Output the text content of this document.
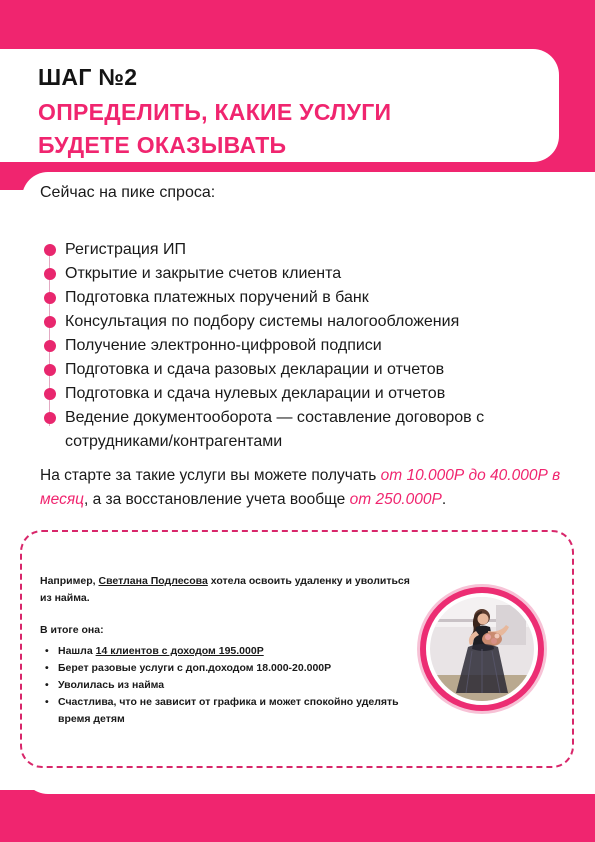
ШАГ №2
ОПРЕДЕЛИТЬ, КАКИЕ УСЛУГИ
БУДЕТЕ ОКАЗЫВАТЬ
Сейчас на пике спроса:
Регистрация ИП
Открытие и закрытие счетов клиента
Подготовка платежных поручений в банк
Консультация по подбору системы налогообложения
Получение электронно-цифровой подписи
Подготовка и сдача разовых декларации и отчетов
Подготовка и сдача нулевых декларации и отчетов
Ведение документооборота — составление договоров с сотрудниками/контрагентами
На старте за такие услуги вы можете получать от 10.000Р до 40.000Р в месяц, а за восстановление учета вообще от 250.000Р.
Например, Светлана Подлесова хотела освоить удаленку и уволиться из найма.
В итоге она:
• Нашла 14 клиентов с доходом 195.000Р
• Берет разовые услуги с доп.доходом 18.000-20.000Р
• Уволилась из найма
• Счастлива, что не зависит от графика и может спокойно уделять время детям
